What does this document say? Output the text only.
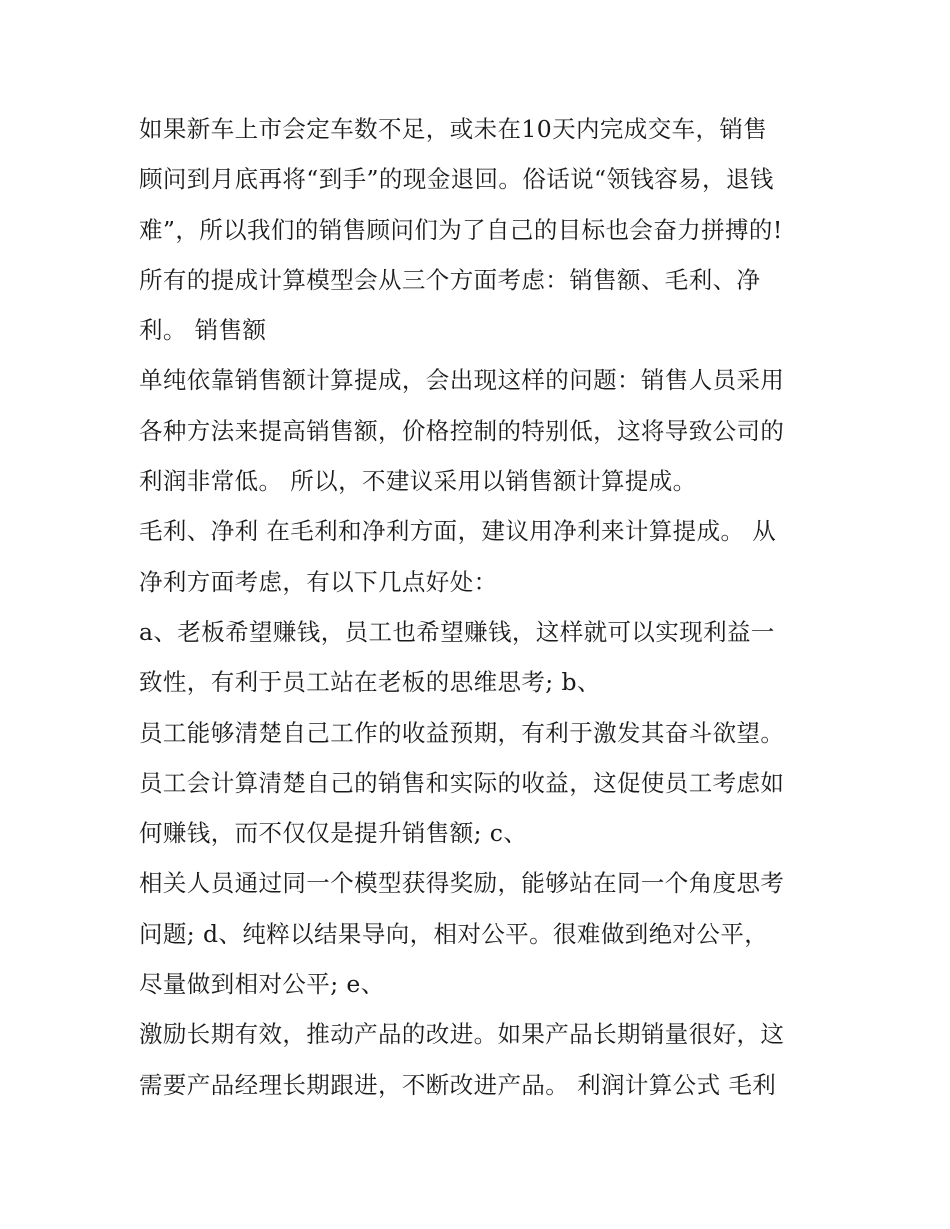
如果新车上市会定车数不足，或未在10天内完成交车，销售
顾问到月底再将“到手”的现金退回。俗话说“领钱容易，退钱
难”，所以我们的销售顾问们为了自己的目标也会奋力拼搏的!
所有的提成计算模型会从三个方面考虑：销售额、毛利、净
利。 销售额
单纯依靠销售额计算提成，会出现这样的问题：销售人员采用
各种方法来提高销售额，价格控制的特别低，这将导致公司的
利润非常低。 所以，不建议采用以销售额计算提成。
毛利、净利 在毛利和净利方面，建议用净利来计算提成。 从
净利方面考虑，有以下几点好处：
a、老板希望赚钱，员工也希望赚钱，这样就可以实现利益一
致性，有利于员工站在老板的思维思考; b、
员工能够清楚自己工作的收益预期，有利于激发其奋斗欲望。
员工会计算清楚自己的销售和实际的收益，这促使员工考虑如
何赚钱，而不仅仅是提升销售额; c、
相关人员通过同一个模型获得奖励，能够站在同一个角度思考
问题; d、纯粹以结果导向，相对公平。很难做到绝对公平，
尽量做到相对公平; e、
激励长期有效，推动产品的改进。如果产品长期销量很好，这
需要产品经理长期跟进，不断改进产品。 利润计算公式 毛利
